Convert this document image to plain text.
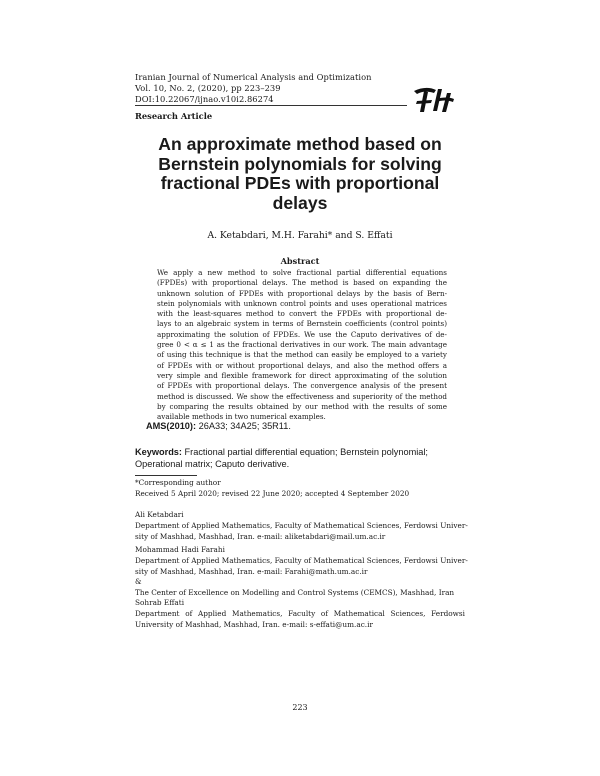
Iranian Journal of Numerical Analysis and Optimization
Vol. 10, No. 2, (2020), pp 223–239
DOI:10.22067/ijnao.v10i2.86274
Research Article
An approximate method based on
Bernstein polynomials for solving
fractional PDEs with proportional
delays
A. Ketabdari, M.H. Farahi* and S. Effati
Abstract
We apply a new method to solve fractional partial differential equations
(FPDEs) with proportional delays. The method is based on expanding the
unknown solution of FPDEs with proportional delays by the basis of Bern-
stein polynomials with unknown control points and uses operational matrices
with the least-squares method to convert the FPDEs with proportional de-
lays to an algebraic system in terms of Bernstein coefficients (control points)
approximating the solution of FPDEs. We use the Caputo derivatives of de-
gree 0 < α ≤ 1 as the fractional derivatives in our work. The main advantage
of using this technique is that the method can easily be employed to a variety
of FPDEs with or without proportional delays, and also the method offers a
very simple and flexible framework for direct approximating of the solution
of FPDEs with proportional delays. The convergence analysis of the present
method is discussed. We show the effectiveness and superiority of the method
by comparing the results obtained by our method with the results of some
available methods in two numerical examples.
AMS(2010): 26A33; 34A25; 35R11.
Keywords: Fractional partial differential equation; Bernstein polynomial;
Operational matrix; Caputo derivative.
*Corresponding author
Received 5 April 2020; revised 22 June 2020; accepted 4 September 2020
Ali Ketabdari
Department of Applied Mathematics, Faculty of Mathematical Sciences, Ferdowsi Univer-
sity of Mashhad, Mashhad, Iran. e-mail: aliketabdari@mail.um.ac.ir
Mohammad Hadi Farahi
Department of Applied Mathematics, Faculty of Mathematical Sciences, Ferdowsi Univer-
sity of Mashhad, Mashhad, Iran. e-mail: Farahi@math.um.ac.ir
&
The Center of Excellence on Modelling and Control Systems (CEMCS), Mashhad, Iran
Sohrab Effati
Department of Applied Mathematics, Faculty of Mathematical Sciences, Ferdowsi
University of Mashhad, Mashhad, Iran. e-mail: s-effati@um.ac.ir
223
